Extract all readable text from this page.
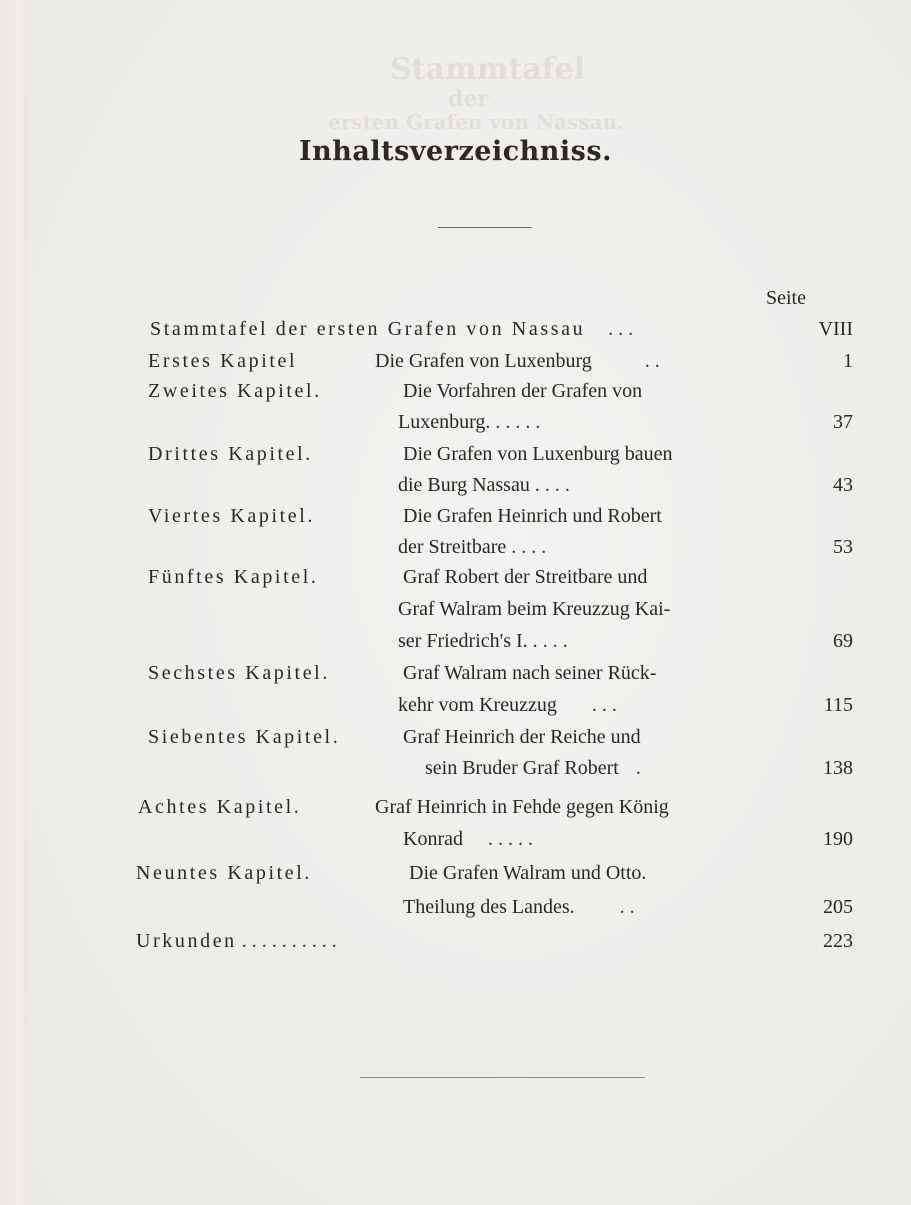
Stammtafel
der
ersten Grafen von Nassau.
Inhaltsverzeichniss.
Seite
Stammtafel der ersten Grafen von Nassau . . .	VIII
Erstes Kapitel	Die Grafen von Luxenburg	. .	1
Zweites Kapitel.	Die Vorfahren der Grafen von
Luxenburg. . . . . .	37
Drittes Kapitel.	Die Grafen von Luxenburg bauen
die Burg Nassau . . . .	43
Viertes Kapitel.	Die Grafen Heinrich und Robert
der Streitbare . . . .	53
Fünftes Kapitel.	Graf Robert der Streitbare und
Graf Walram beim Kreuzzug Kai-
ser Friedrich's I. . . . .	69
Sechstes Kapitel.	Graf Walram nach seiner Rück-
kehr vom Kreuzzug . . .	115
Siebentes Kapitel.	Graf Heinrich der Reiche und
sein Bruder Graf Robert .	138
Achtes Kapitel.	Graf Heinrich in Fehde gegen König
Konrad . . . . .	190
Neuntes Kapitel.	Die Grafen Walram und Otto.
Theilung des Landes. . .	205
Urkunden . . . . . . . . . .	223
